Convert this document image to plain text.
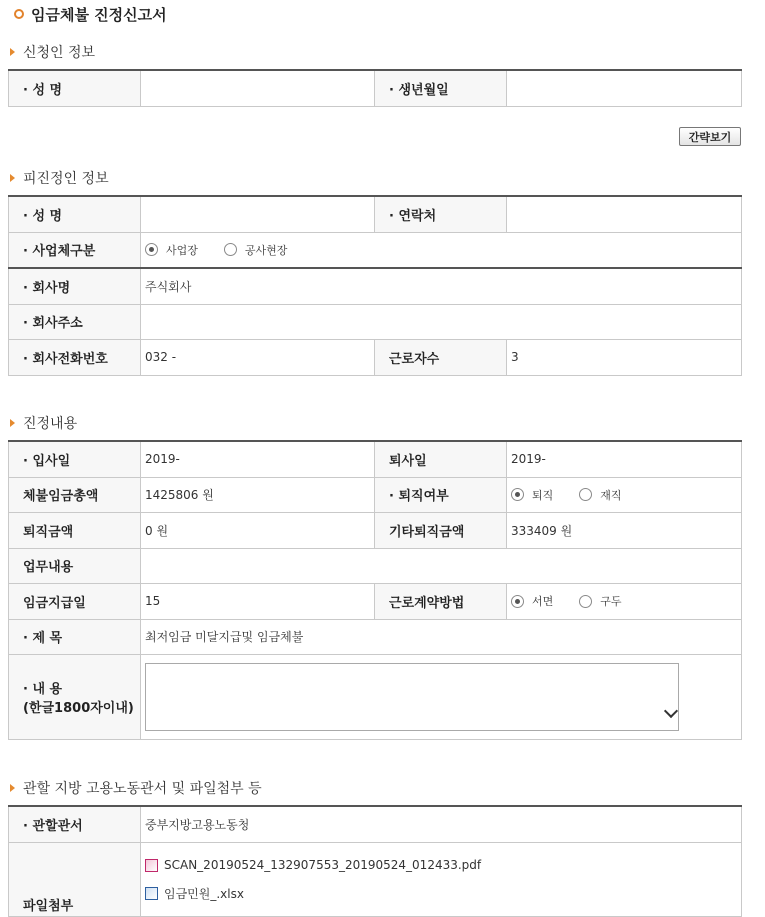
임금체불 진정신고서
신청인 정보
· 성 명		· 생년월일	
간략보기
피진정인 정보
· 성 명		· 연락처	
· 사업체구분	사업장 공사현장		

· 회사명	주식회사		
· 회사주소			
· 회사전화번호	032 -	근로자수	3
진정내용
· 입사일	2019-	퇴사일	2019-
체불임금총액	1425806 원	· 퇴직여부	퇴직 재직

퇴직금액	0 원	기타퇴직금액	333409 원
업무내용			
임금지급일	15	근로계약방법	서면 구두

· 제 목	최저임금 미달지급및 임금체불		

· 내 용
(한글1800자이내)			

관할 지방 고용노동관서 및 파일첨부 등
· 관할관서	중부지방고용노동청
파일첨부	SCAN_20190524_132907553_20190524_012433.pdf
임금민원_.xlsx
